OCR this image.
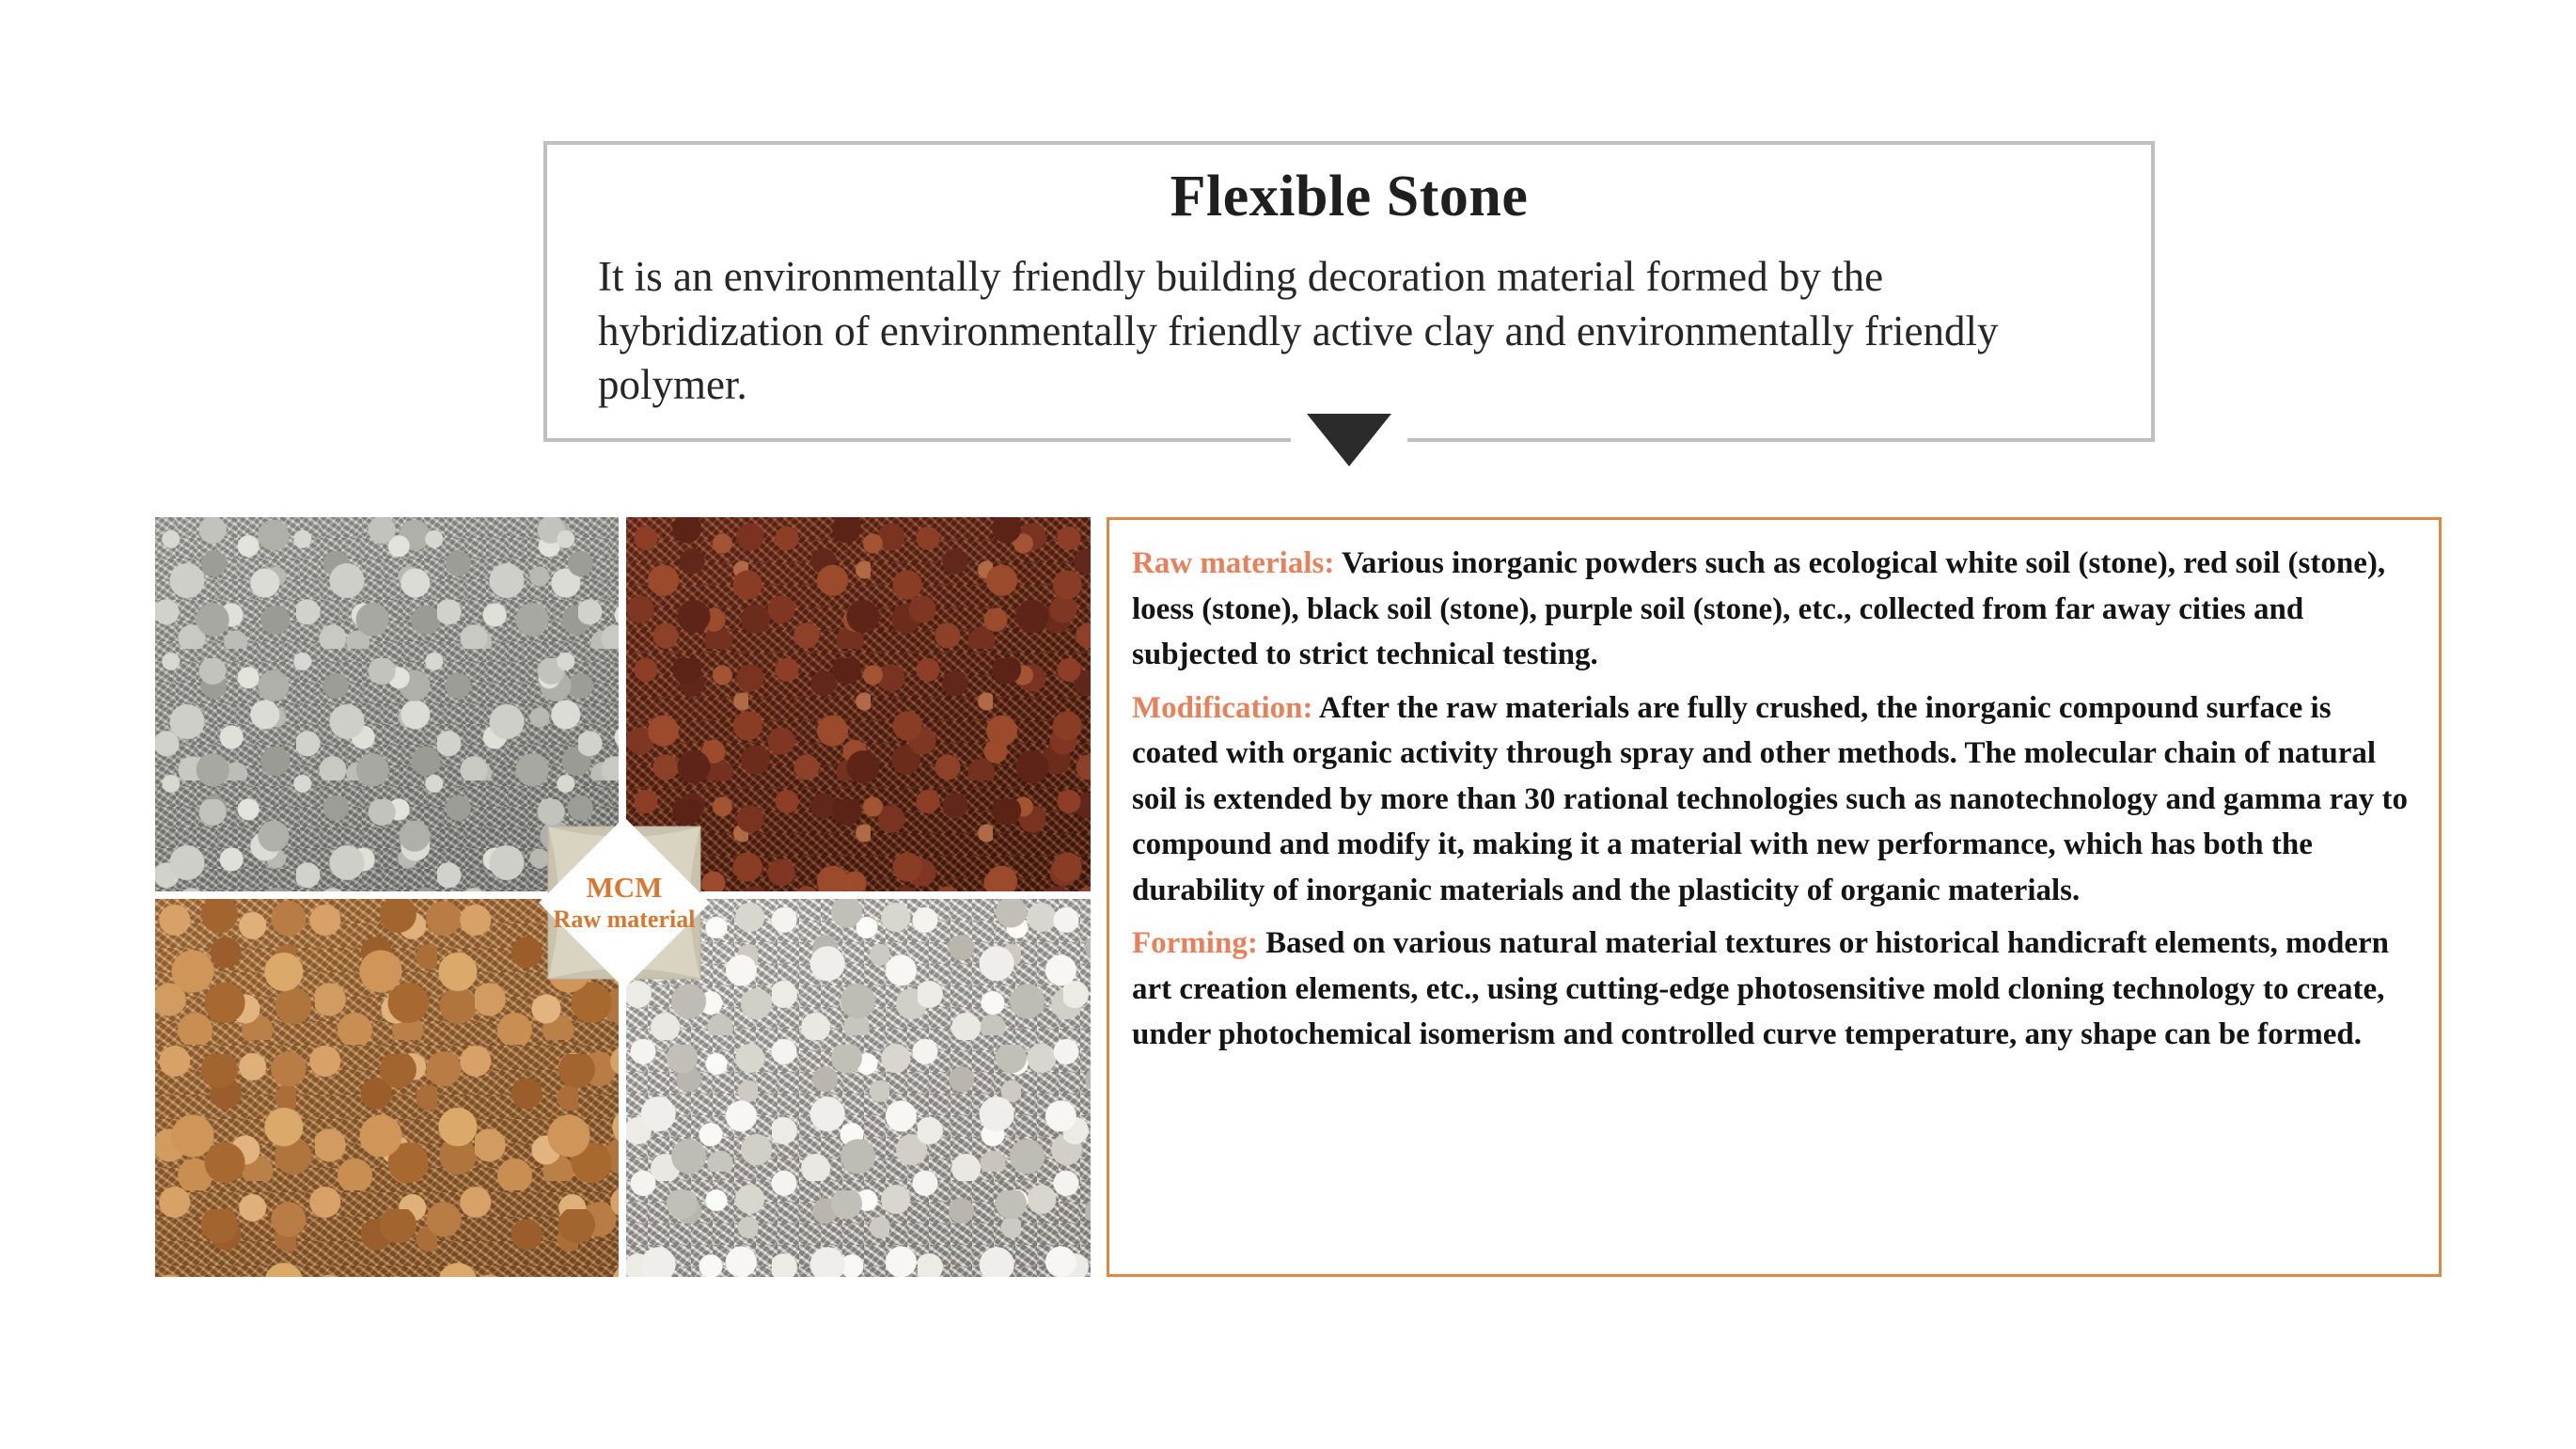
Flexible Stone
It is an environmentally friendly building decoration material formed by the hybridization of environmentally friendly active clay and environmentally friendly polymer.
MCM
Raw material

Raw materials: Various inorganic powders such as ecological white soil (stone), red soil (stone), loess (stone), black soil (stone), purple soil (stone), etc., collected from far away cities and subjected to strict technical testing.

Modification: After the raw materials are fully crushed, the inorganic compound surface is coated with organic activity through spray and other methods. The molecular chain of natural soil is extended by more than 30 rational technologies such as nanotechnology and gamma ray to compound and modify it, making it a material with new performance, which has both the durability of inorganic materials and the plasticity of organic materials.

Forming: Based on various natural material textures or historical handicraft elements, modern art creation elements, etc., using cutting-edge photosensitive mold cloning technology to create, under photochemical isomerism and controlled curve temperature, any shape can be formed.
